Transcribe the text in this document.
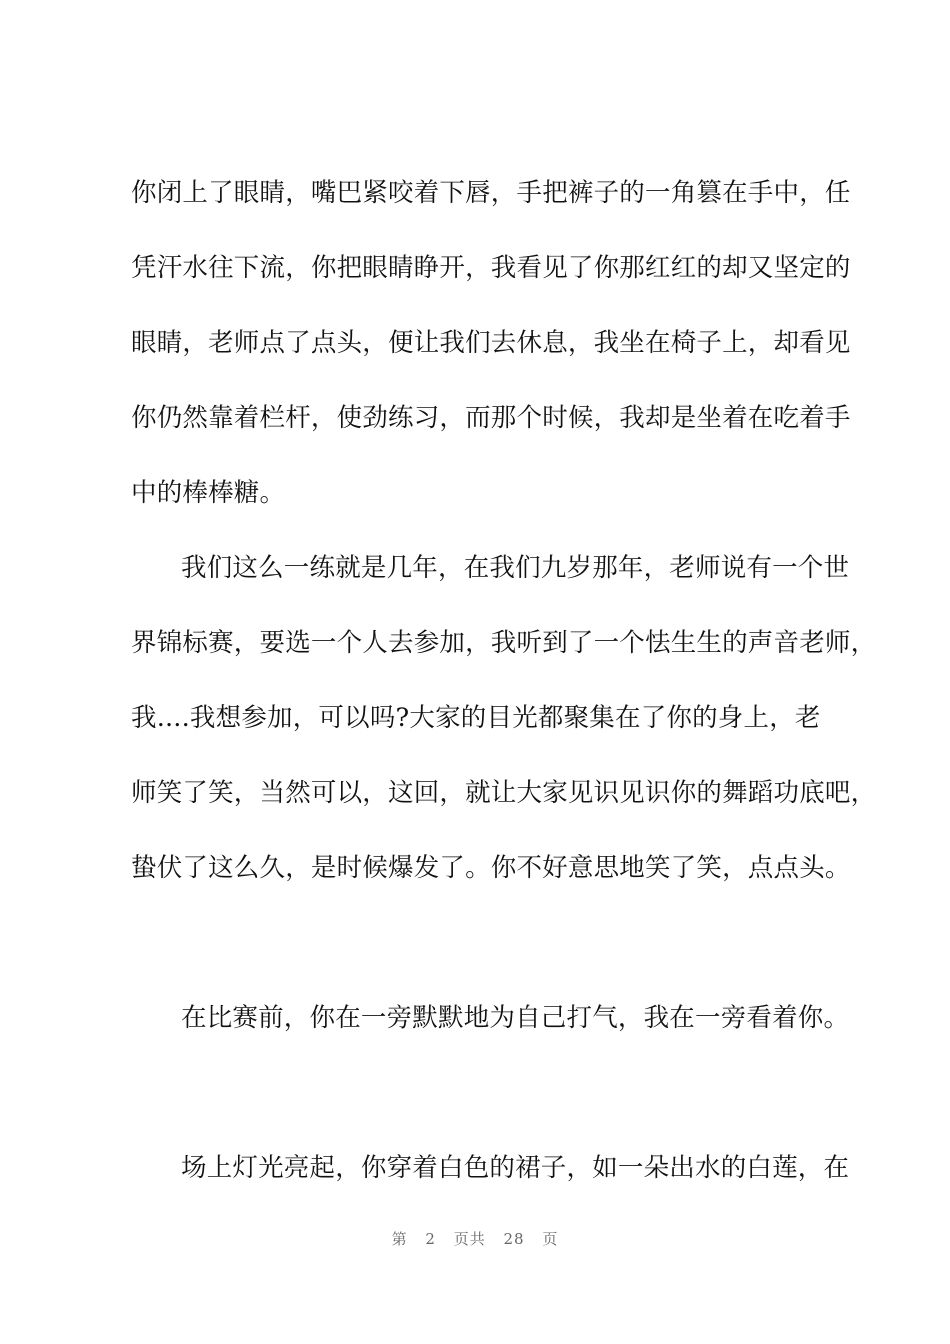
你闭上了眼睛，嘴巴紧咬着下唇，手把裤子的一角篡在手中，任
凭汗水往下流，你把眼睛睁开，我看见了你那红红的却又坚定的
眼睛，老师点了点头，便让我们去休息，我坐在椅子上，却看见
你仍然靠着栏杆，使劲练习，而那个时候，我却是坐着在吃着手
中的棒棒糖。
我们这么一练就是几年，在我们九岁那年，老师说有一个世
界锦标赛，要选一个人去参加，我听到了一个怯生生的声音老师，
我....我想参加，可以吗?大家的目光都聚集在了你的身上，老
师笑了笑，当然可以，这回，就让大家见识见识你的舞蹈功底吧，
蛰伏了这么久，是时候爆发了。你不好意思地笑了笑，点点头。
在比赛前，你在一旁默默地为自己打气，我在一旁看着你。
场上灯光亮起，你穿着白色的裙子，如一朵出水的白莲，在
第 2 页共 28 页
